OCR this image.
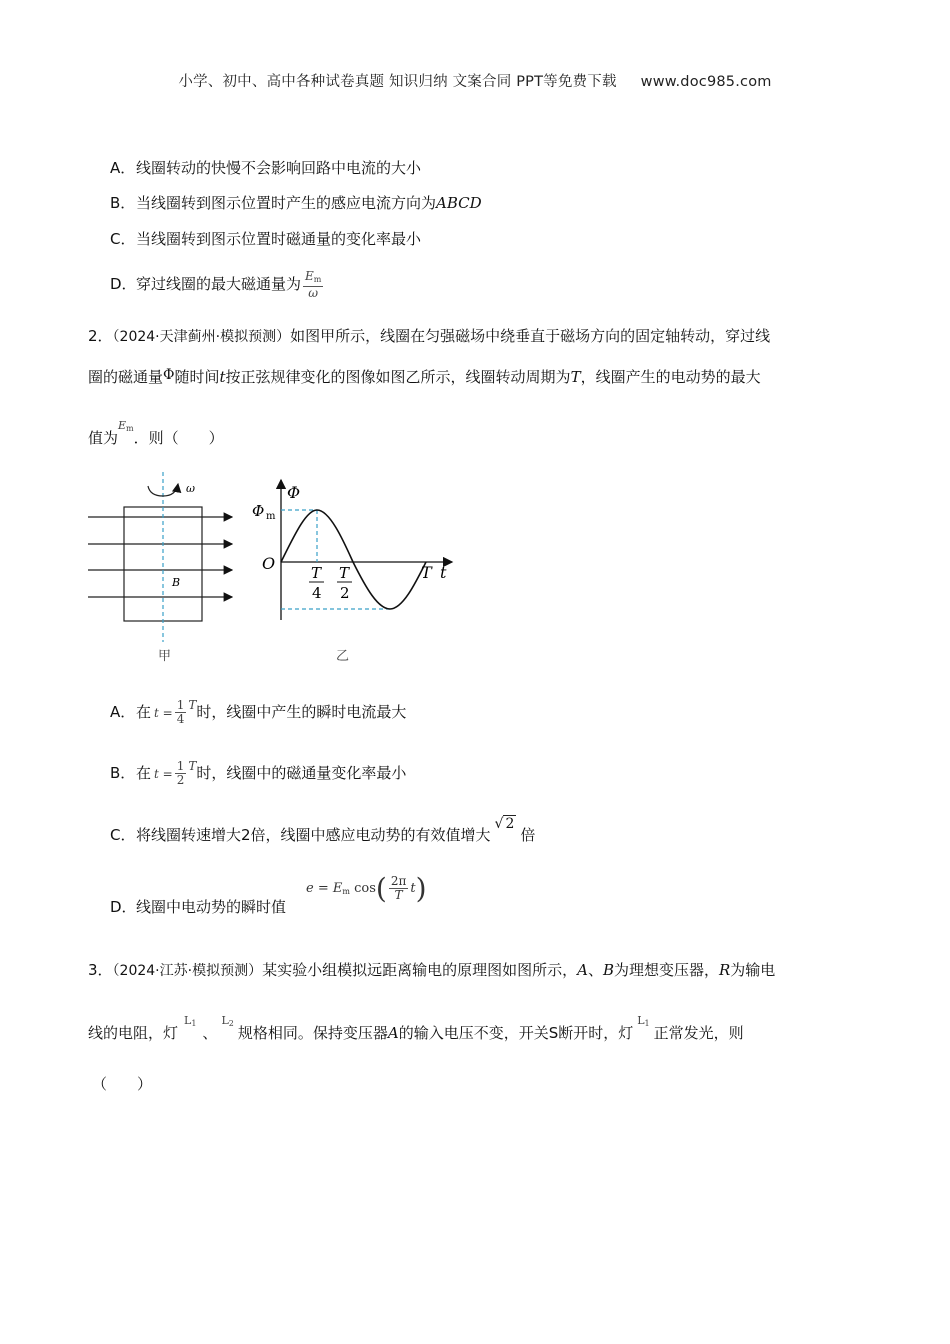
小学、初中、高中各种试卷真题 知识归纳 文案合同 PPT等免费下载 www.doc985.com
A．线圈转动的快慢不会影响回路中电流的大小
B．当线圈转到图示位置时产生的感应电流方向为ABCD
C．当线圈转到图示位置时磁通量的变化率最小
D．穿过线圈的最大磁通量为 $\frac{E_m}{\omega}$
2．（2024·天津蓟州·模拟预测）如图甲所示，线圈在匀强磁场中绕垂直于磁场方向的固定轴转动，穿过线
圈的磁通量Φ随时间t按正弦规律变化的图像如图乙所示，线圈转动周期为T，线圈产生的电动势的最大
值为$^{E_m}$．则（　　）
ω
B
甲
Φ
Φ m
O	T t
T
4
T
2
乙
A．在 $t = \frac{1}{4} ^T$时，线圈中产生的瞬时电流最大
B．在 $t = \frac{1}{2} ^T$时，线圈中的磁通量变化率最小
C．将线圈转速增大2倍，线圈中感应电动势的有效值增大√ 2倍
D．线圈中电动势的瞬时值
$e = E_m$ $\cos( \frac{2\pi}{T} t)$
3．（2024·江苏·模拟预测）某实验小组模拟远距离输电的原理图如图所示，A、B为理想变压器，R为输电
线的电阻，灯$^{L_1}$、$^{L_2}$规格相同。保持变压器A的输入电压不变，开关S断开时，灯$^{L_1}$正常发光，则
（　　）
